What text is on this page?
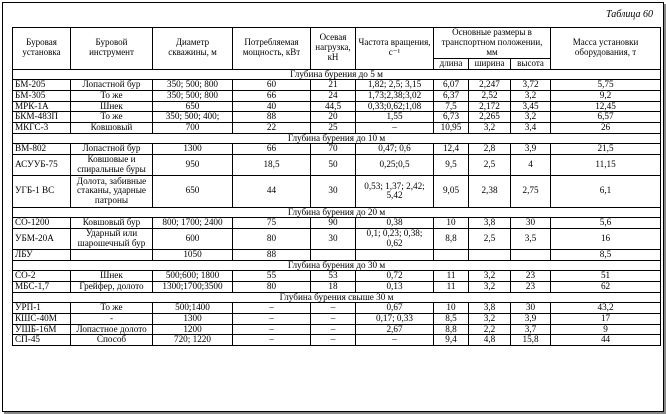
Таблица 60
Буровая установка	Буровой инструмент	Диаметр скважины, м	Потребляемая мощность, кВт	Осевая нагрузка, кН	Частота вращения, с⁻¹	Основные размеры в транспортном положении, мм			Масса установки оборудования, т
						длина	ширина	высота	
Глубина бурения до 5 м									
БМ-205	Лопастной бур	350; 500; 800	60	21	1,82; 2,5; 3,15	6,07	2,247	3,72	5,75
БМ-305	То же	350; 500; 800	66	24	1,73;2,38;3,02	6,37	2,52	3,2	9,2
МРК-1А	Шнек	650	40	44,5	0,33;0,62;1,08	7,5	2,172	3,45	12,45
БКМ-483П	То же	350; 500; 400;	88	20	1,55	6,73	2,265	3,2	6,57
МКГС-3	Ковшовый	700	22	25	–	10,95	3,2	3,4	26
Глубина бурения до 10 м									
ВМ-802	Лопастной бур	1300	66	70	0,47; 0,6	12,4	2,8	3,9	21,5
АСУУБ-75	Ковшовые и спиральные буры	950	18,5	50	0,25;0,5	9,5	2,5	4	11,15
УГБ-1 ВС	Долота, забивные стаканы, ударные патроны	650	44	30	0,53; 1,37; 2,42; 5,42	9,05	2,38	2,75	6,1
Глубина бурения до 20 м									
СО-1200	Ковшовый бур	800; 1700; 2400	75	90	0,38	10	3,8	30	5,6
УБМ-20А	Ударный или шарошечный бур	600	80	30	0,1; 0,23; 0,38; 0,62	8,8	2,5	3,5	16
ЛБУ		1050	88						8,5
Глубина бурения до 30 м									
СО-2	Шнек	500;600; 1800	55	53	0,72	11	3,2	23	51
МБС-1,7	Грейфер, долото	1300;1700;3500	80	18	0,13	11	3,2	23	62
Глубина бурения свыше 30 м									
УРП-1	То же	500;1400	–	–	0,67	10	3,8	30	43,2
КШС-40М	-	1300	–	–	0,17; 0,33	8,5	3,2	3,9	17
УШБ-16М	Лопастное долото	1200	–	–	2,67	8,8	2,2	3,7	9
СП-45	Способ	720; 1220	–	–	–	9,4	4,8	15,8	44
